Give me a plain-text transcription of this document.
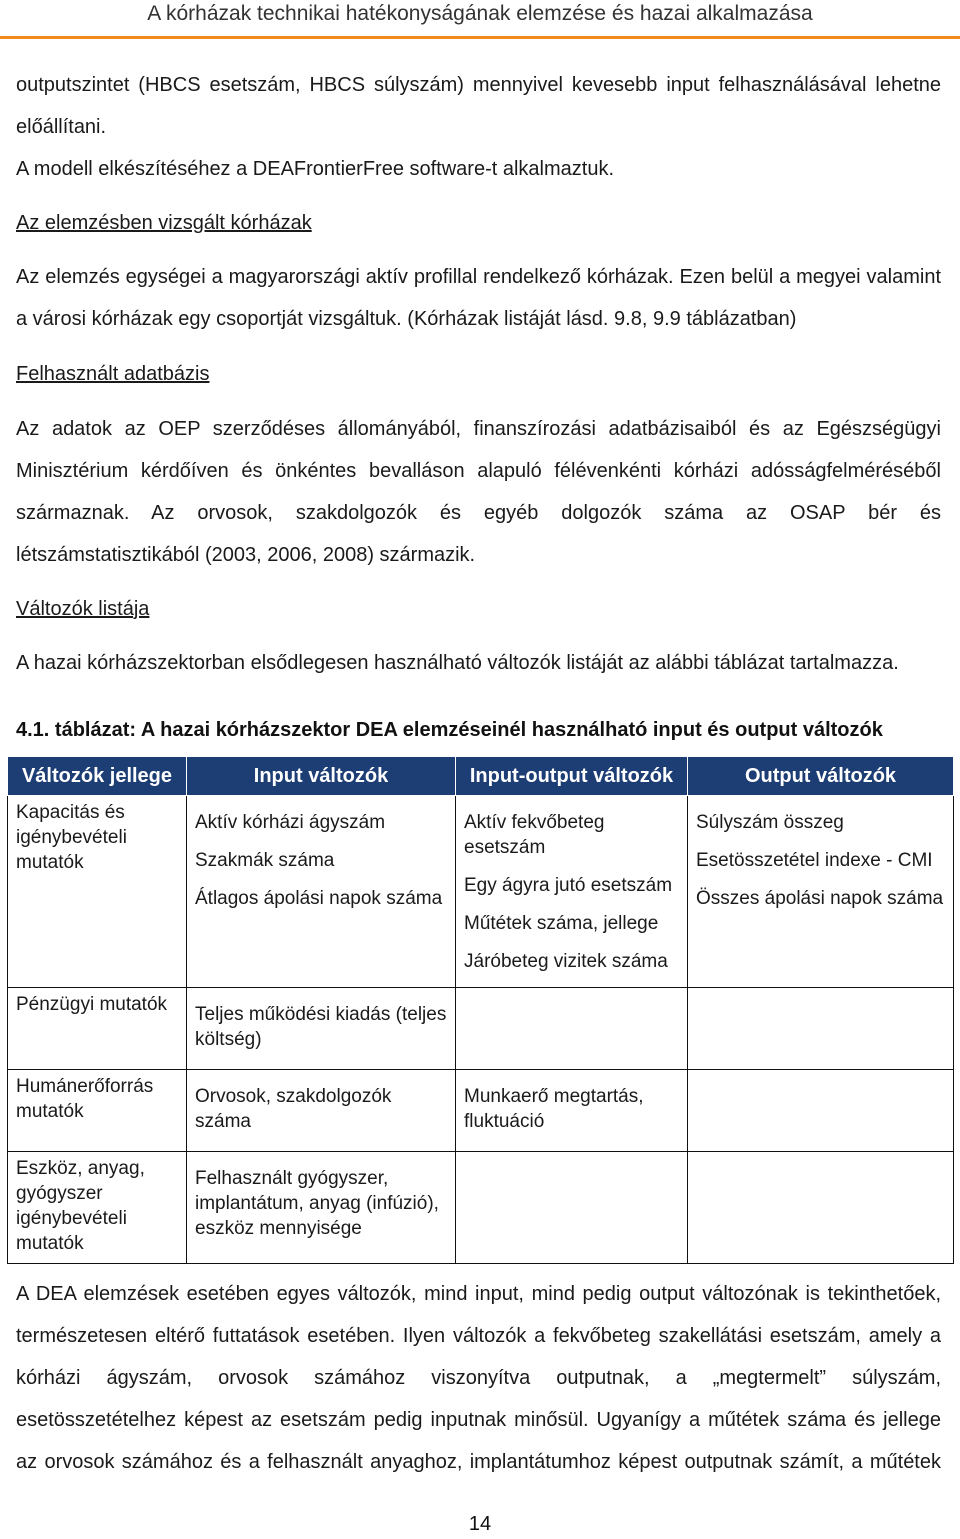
A kórházak technikai hatékonyságának elemzése és hazai alkalmazása

outputszintet (HBCS esetszám, HBCS súlyszám) mennyivel kevesebb input felhasználásával lehetne

előállítani.

A modell elkészítéséhez a DEAFrontierFree software-t alkalmaztuk.

Az elemzésben vizsgált kórházak

Az elemzés egységei a magyarországi aktív profillal rendelkező kórházak. Ezen belül a megyei valamint

a városi kórházak egy csoportját vizsgáltuk. (Kórházak listáját lásd. 9.8, 9.9 táblázatban)

Felhasznált adatbázis

Az adatok az OEP szerződéses állományából, finanszírozási adatbázisaiból és az Egészségügyi

Minisztérium kérdőíven és önkéntes bevalláson alapuló félévenkénti kórházi adósságfelméréséből

származnak. Az orvosok, szakdolgozók és egyéb dolgozók száma az OSAP bér és

létszámstatisztikából (2003, 2006, 2008) származik.

Változók listája

A hazai kórházszektorban elsődlegesen használható változók listáját az alábbi táblázat tartalmazza.

4.1. táblázat: A hazai kórházszektor DEA elemzéseinél használható input és output változók

Változók jellege	Input változók	Input-output változók	Output változók
Kapacitás és igénybevételi mutatók	Aktív kórházi ágyszám
Szakmák száma
Átlagos ápolási napok száma	Aktív fekvőbeteg esetszám
Egy ágyra jutó esetszám
Műtétek száma, jellege
Járóbeteg vizitek száma	Súlyszám összeg
Esetösszetétel indexe - CMI
Összes ápolási napok száma

Pénzügyi mutatók	Teljes működési kiadás (teljes költség)		

Humánerőforrás mutatók	Orvosok, szakdolgozók száma	Munkaerő megtartás, fluktuáció	

Eszköz, anyag, gyógyszer igénybevételi mutatók	Felhasznált gyógyszer, implantátum, anyag (infúzió), eszköz mennyisége		

A DEA elemzések esetében egyes változók, mind input, mind pedig output változónak is tekinthetőek,

természetesen eltérő futtatások esetében. Ilyen változók a fekvőbeteg szakellátási esetszám, amely a

kórházi ágyszám, orvosok számához viszonyítva outputnak, a „megtermelt” súlyszám,

esetösszetételhez képest az esetszám pedig inputnak minősül. Ugyanígy a műtétek száma és jellege

az orvosok számához és a felhasznált anyaghoz, implantátumhoz képest outputnak számít, a műtétek

14
